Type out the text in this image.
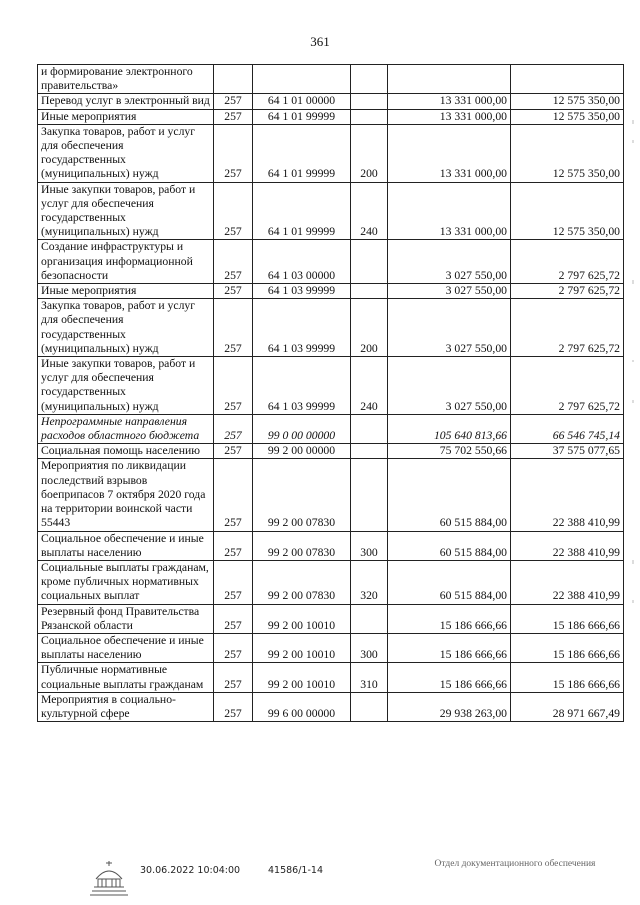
361
и формирование электронного правительства»					
Перевод услуг в электронный вид	257	64 1 01 00000		13 331 000,00	12 575 350,00
Иные мероприятия	257	64 1 01 99999		13 331 000,00	12 575 350,00
Закупка товаров, работ и услуг для обеспечения государственных (муниципальных) нужд	257	64 1 01 99999	200	13 331 000,00	12 575 350,00
Иные закупки товаров, работ и услуг для обеспечения государственных (муниципальных) нужд	257	64 1 01 99999	240	13 331 000,00	12 575 350,00
Создание инфраструктуры и организация информационной безопасности	257	64 1 03 00000		3 027 550,00	2 797 625,72
Иные мероприятия	257	64 1 03 99999		3 027 550,00	2 797 625,72
Закупка товаров, работ и услуг для обеспечения государственных (муниципальных) нужд	257	64 1 03 99999	200	3 027 550,00	2 797 625,72
Иные закупки товаров, работ и услуг для обеспечения государственных (муниципальных) нужд	257	64 1 03 99999	240	3 027 550,00	2 797 625,72
Непрограммные направления расходов областного бюджета	257	99 0 00 00000		105 640 813,66	66 546 745,14
Социальная помощь населению	257	99 2 00 00000		75 702 550,66	37 575 077,65
Мероприятия по ликвидации последствий взрывов боеприпасов 7 октября 2020 года на территории воинской части 55443	257	99 2 00 07830		60 515 884,00	22 388 410,99
Социальное обеспечение и иные выплаты населению	257	99 2 00 07830	300	60 515 884,00	22 388 410,99
Социальные выплаты гражданам, кроме публичных нормативных социальных выплат	257	99 2 00 07830	320	60 515 884,00	22 388 410,99
Резервный фонд Правительства Рязанской области	257	99 2 00 10010		15 186 666,66	15 186 666,66
Социальное обеспечение и иные выплаты населению	257	99 2 00 10010	300	15 186 666,66	15 186 666,66
Публичные нормативные социальные выплаты гражданам	257	99 2 00 10010	310	15 186 666,66	15 186 666,66
Мероприятия в социально-культурной сфере	257	99 6 00 00000		29 938 263,00	28 971 667,49
30.06.2022 10:04:00	41586/1-14
Отдел документационного обеспечения
